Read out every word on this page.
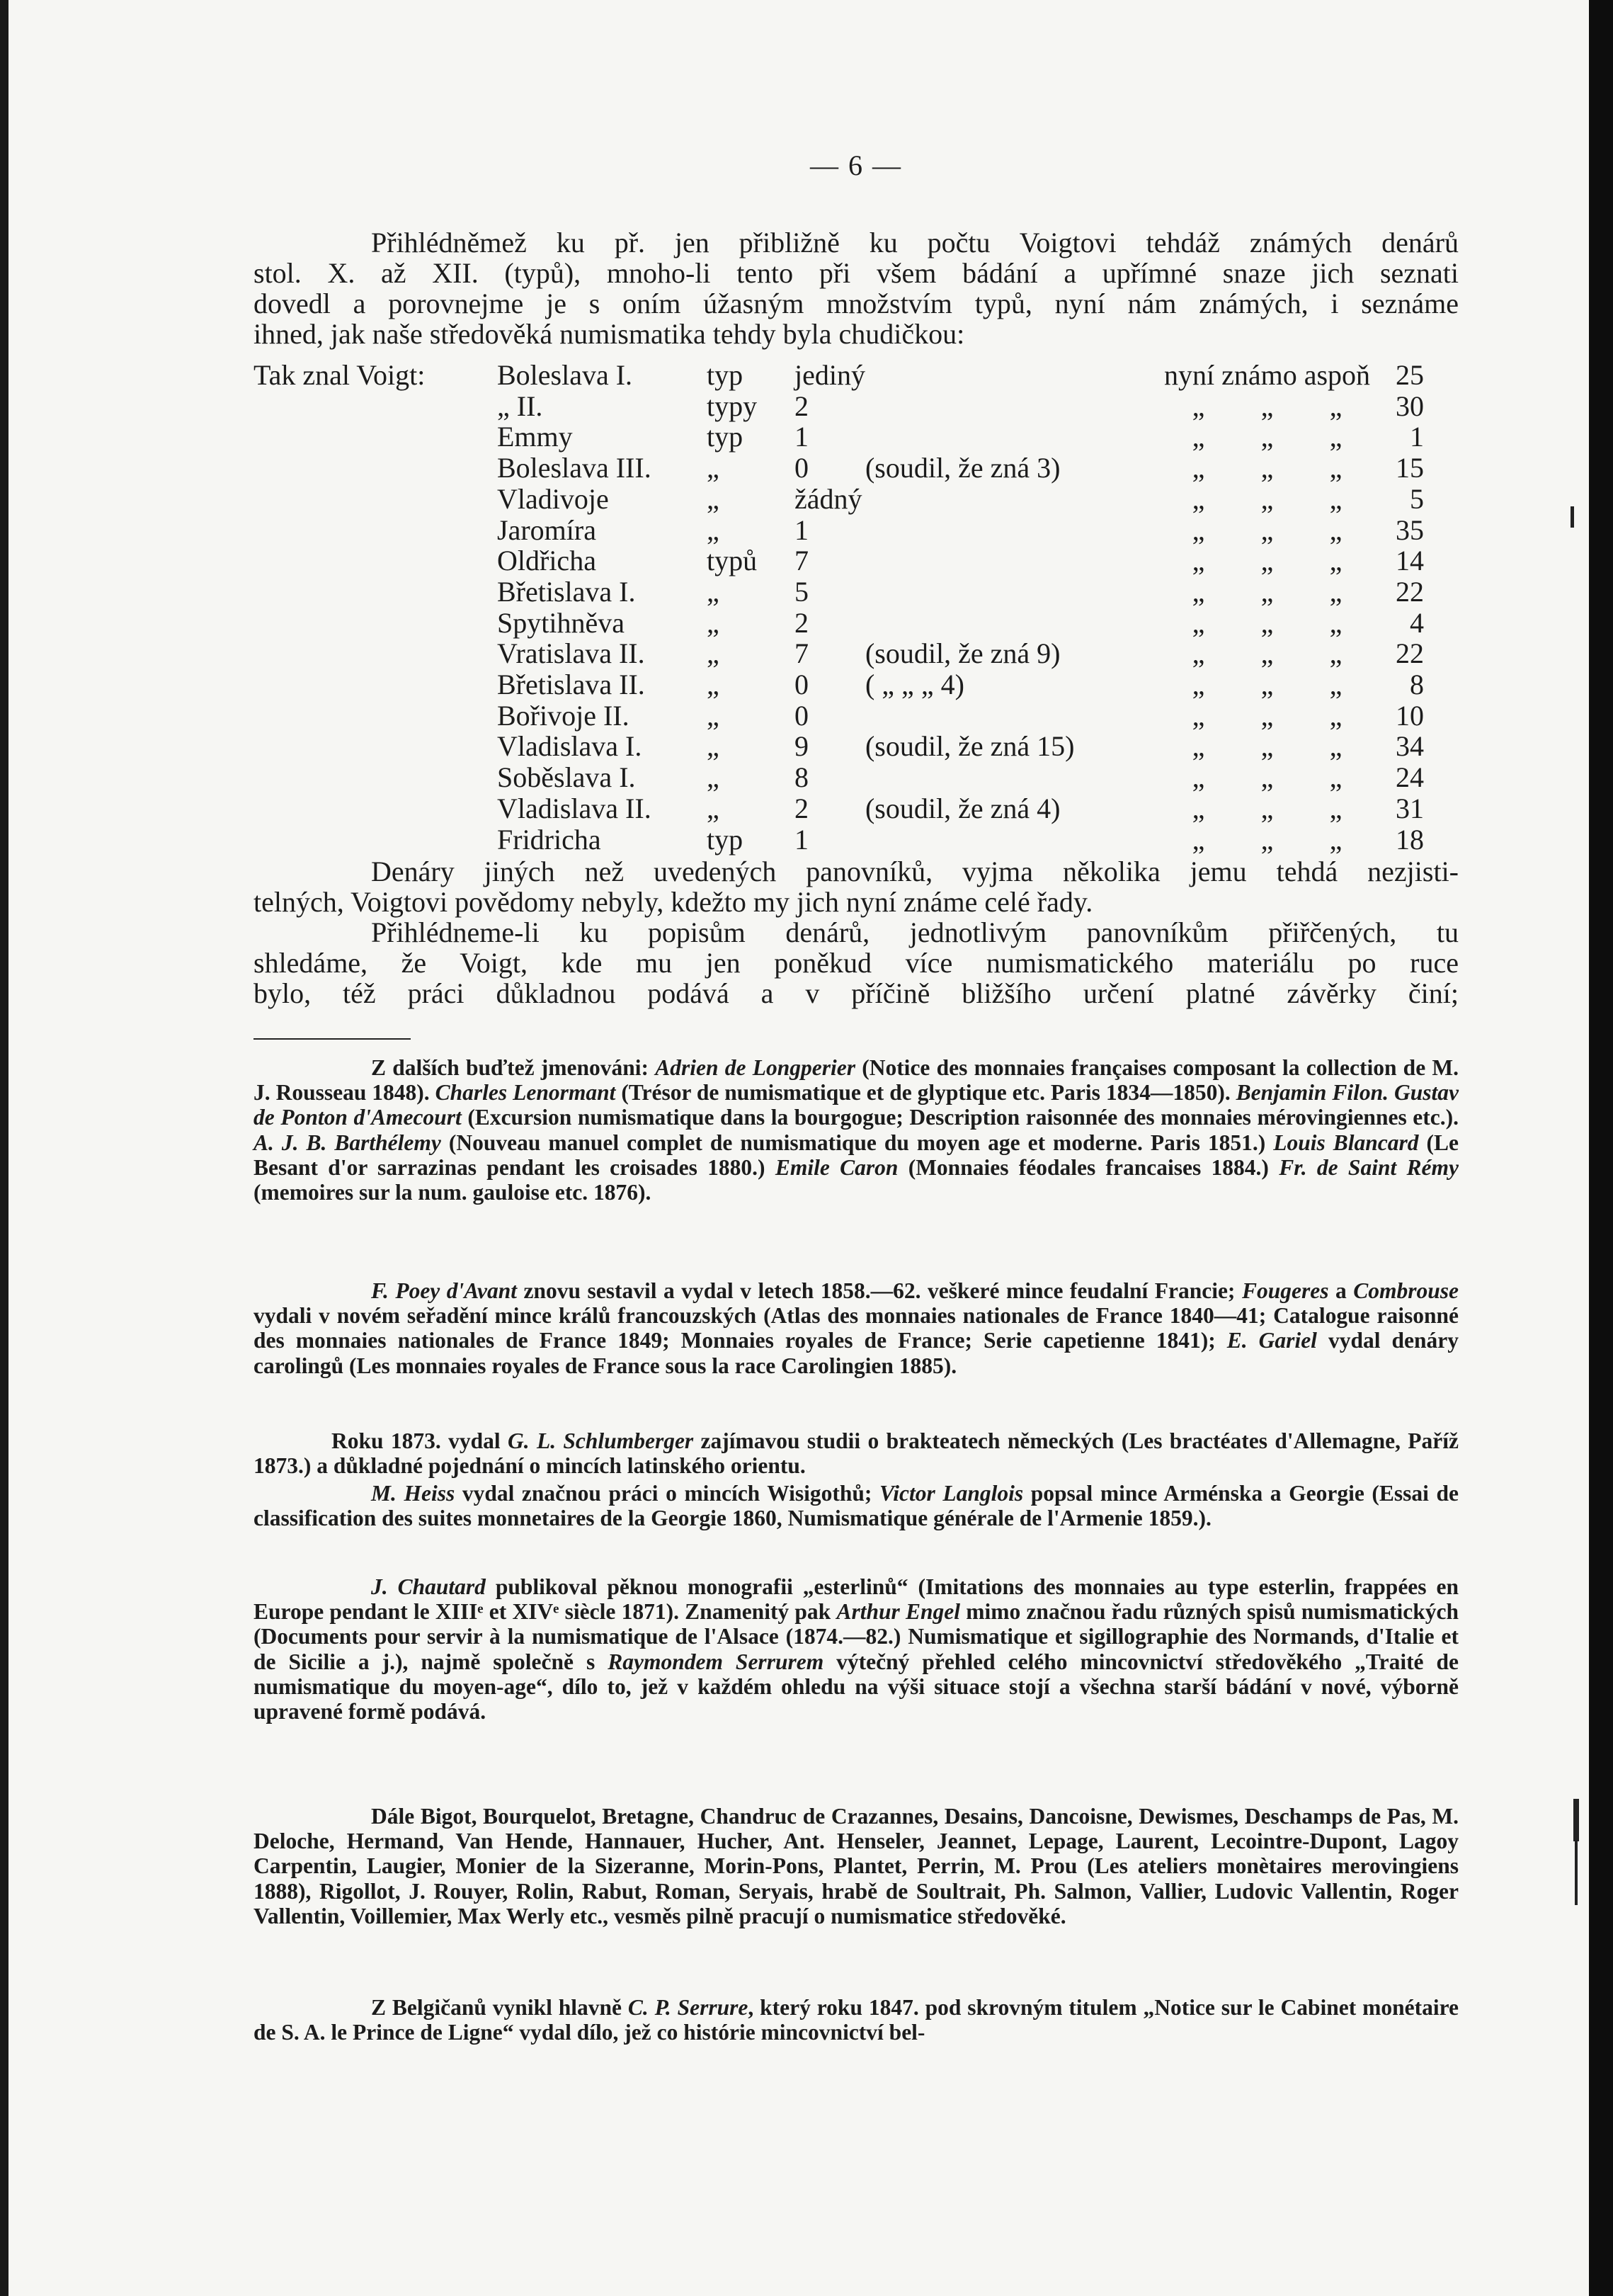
— 6 —
Přihlédněmež ku př. jen přibližně ku počtu Voigtovi tehdáž známých denárů
stol. X. až XII. (typů), mnoho-li tento při všem bádání a upřímné snaze jich seznati
dovedl a porovnejme je s oním úžasným množstvím typů, nyní nám známých, i seznáme
ihned, jak naše středověká numismatika tehdy byla chudičkou:
Tak znal Voigt:	Boleslava I.	typ	jediný		nyní známo aspoň			25
	„ II.	typy	2		„	„	„	30
	Emmy	typ	1		„	„	„	1
	Boleslava III.	„	0	(soudil, že zná 3)	„	„	„	15
	Vladivoje	„	žádný		„	„	„	5
	Jaromíra	„	1		„	„	„	35
	Oldřicha	typů	7		„	„	„	14
	Břetislava I.	„	5		„	„	„	22
	Spytihněva	„	2		„	„	„	4
	Vratislava II.	„	7	(soudil, že zná 9)	„	„	„	22
	Břetislava II.	„	0	( „ „ „ 4)	„	„	„	8
	Bořivoje II.	„	0		„	„	„	10
	Vladislava I.	„	9	(soudil, že zná 15)	„	„	„	34
	Soběslava I.	„	8		„	„	„	24
	Vladislava II.	„	2	(soudil, že zná 4)	„	„	„	31
	Fridricha	typ	1		„	„	„	18
Denáry jiných než uvedených panovníků, vyjma několika jemu tehdá nezjisti-
telných, Voigtovi povědomy nebyly, kdežto my jich nyní známe celé řady.
Přihlédneme-li ku popisům denárů, jednotlivým panovníkům přiřčených, tu
shledáme, že Voigt, kde mu jen poněkud více numismatického materiálu po ruce
bylo, též práci důkladnou podává a v příčině bližšího určení platné závěrky činí;
Z dalších buďtež jmenováni: Adrien de Longperier (Notice des monnaies françaises composant la collection de M. J. Rousseau 1848). Charles Lenormant (Trésor de numismatique et de glyptique etc. Paris 1834—1850). Benjamin Filon. Gustav de Ponton d'Amecourt (Excursion numismatique dans la bourgogue; Description raisonnée des monnaies mérovingiennes etc.). A. J. B. Barthélemy (Nouveau manuel complet de numismatique du moyen age et moderne. Paris 1851.) Louis Blancard (Le Besant d'or sarrazinas pendant les croisades 1880.) Emile Caron (Monnaies féodales francaises 1884.) Fr. de Saint Rémy (memoires sur la num. gauloise etc. 1876).
F. Poey d'Avant znovu sestavil a vydal v letech 1858.—62. veškeré mince feudalní Francie; Fougeres a Combrouse vydali v novém seřadění mince králů francouzských (Atlas des monnaies nationales de France 1840—41; Catalogue raisonné des monnaies nationales de France 1849; Monnaies royales de France; Serie capetienne 1841); E. Gariel vydal denáry carolingů (Les monnaies royales de France sous la race Carolingien 1885).
Roku 1873. vydal G. L. Schlumberger zajímavou studii o brakteatech německých (Les bractéates d'Allemagne, Paříž 1873.) a důkladné pojednání o mincích latinského orientu.
M. Heiss vydal značnou práci o mincích Wisigothů; Victor Langlois popsal mince Arménska a Georgie (Essai de classification des suites monnetaires de la Georgie 1860, Numismatique générale de l'Armenie 1859.).
J. Chautard publikoval pěknou monografii „esterlinů“ (Imitations des monnaies au type esterlin, frappées en Europe pendant le XIIIᵉ et XIVᵉ siècle 1871). Znamenitý pak Arthur Engel mimo značnou řadu různých spisů numismatických (Documents pour servir à la numismatique de l'Alsace (1874.—82.) Numismatique et sigillographie des Normands, d'Italie et de Sicilie a j.), najmě společně s Raymondem Serrurem výtečný přehled celého mincovnictví středověkého „Traité de numismatique du moyen-age“, dílo to, jež v každém ohledu na výši situace stojí a všechna starší bádání v nové, výborně upravené formě podává.
Dále Bigot, Bourquelot, Bretagne, Chandruc de Crazannes, Desains, Dancoisne, Dewismes, Deschamps de Pas, M. Deloche, Hermand, Van Hende, Hannauer, Hucher, Ant. Henseler, Jeannet, Lepage, Laurent, Lecointre-Dupont, Lagoy Carpentin, Laugier, Monier de la Sizeranne, Morin-Pons, Plantet, Perrin, M. Prou (Les ateliers monètaires merovingiens 1888), Rigollot, J. Rouyer, Rolin, Rabut, Roman, Seryais, hrabě de Soultrait, Ph. Salmon, Vallier, Ludovic Vallentin, Roger Vallentin, Voillemier, Max Werly etc., vesměs pilně pracují o numismatice středověké.
Z Belgičanů vynikl hlavně C. P. Serrure, který roku 1847. pod skrovným titulem „Notice sur le Cabinet monétaire de S. A. le Prince de Ligne“ vydal dílo, jež co histórie mincovnictví bel-
